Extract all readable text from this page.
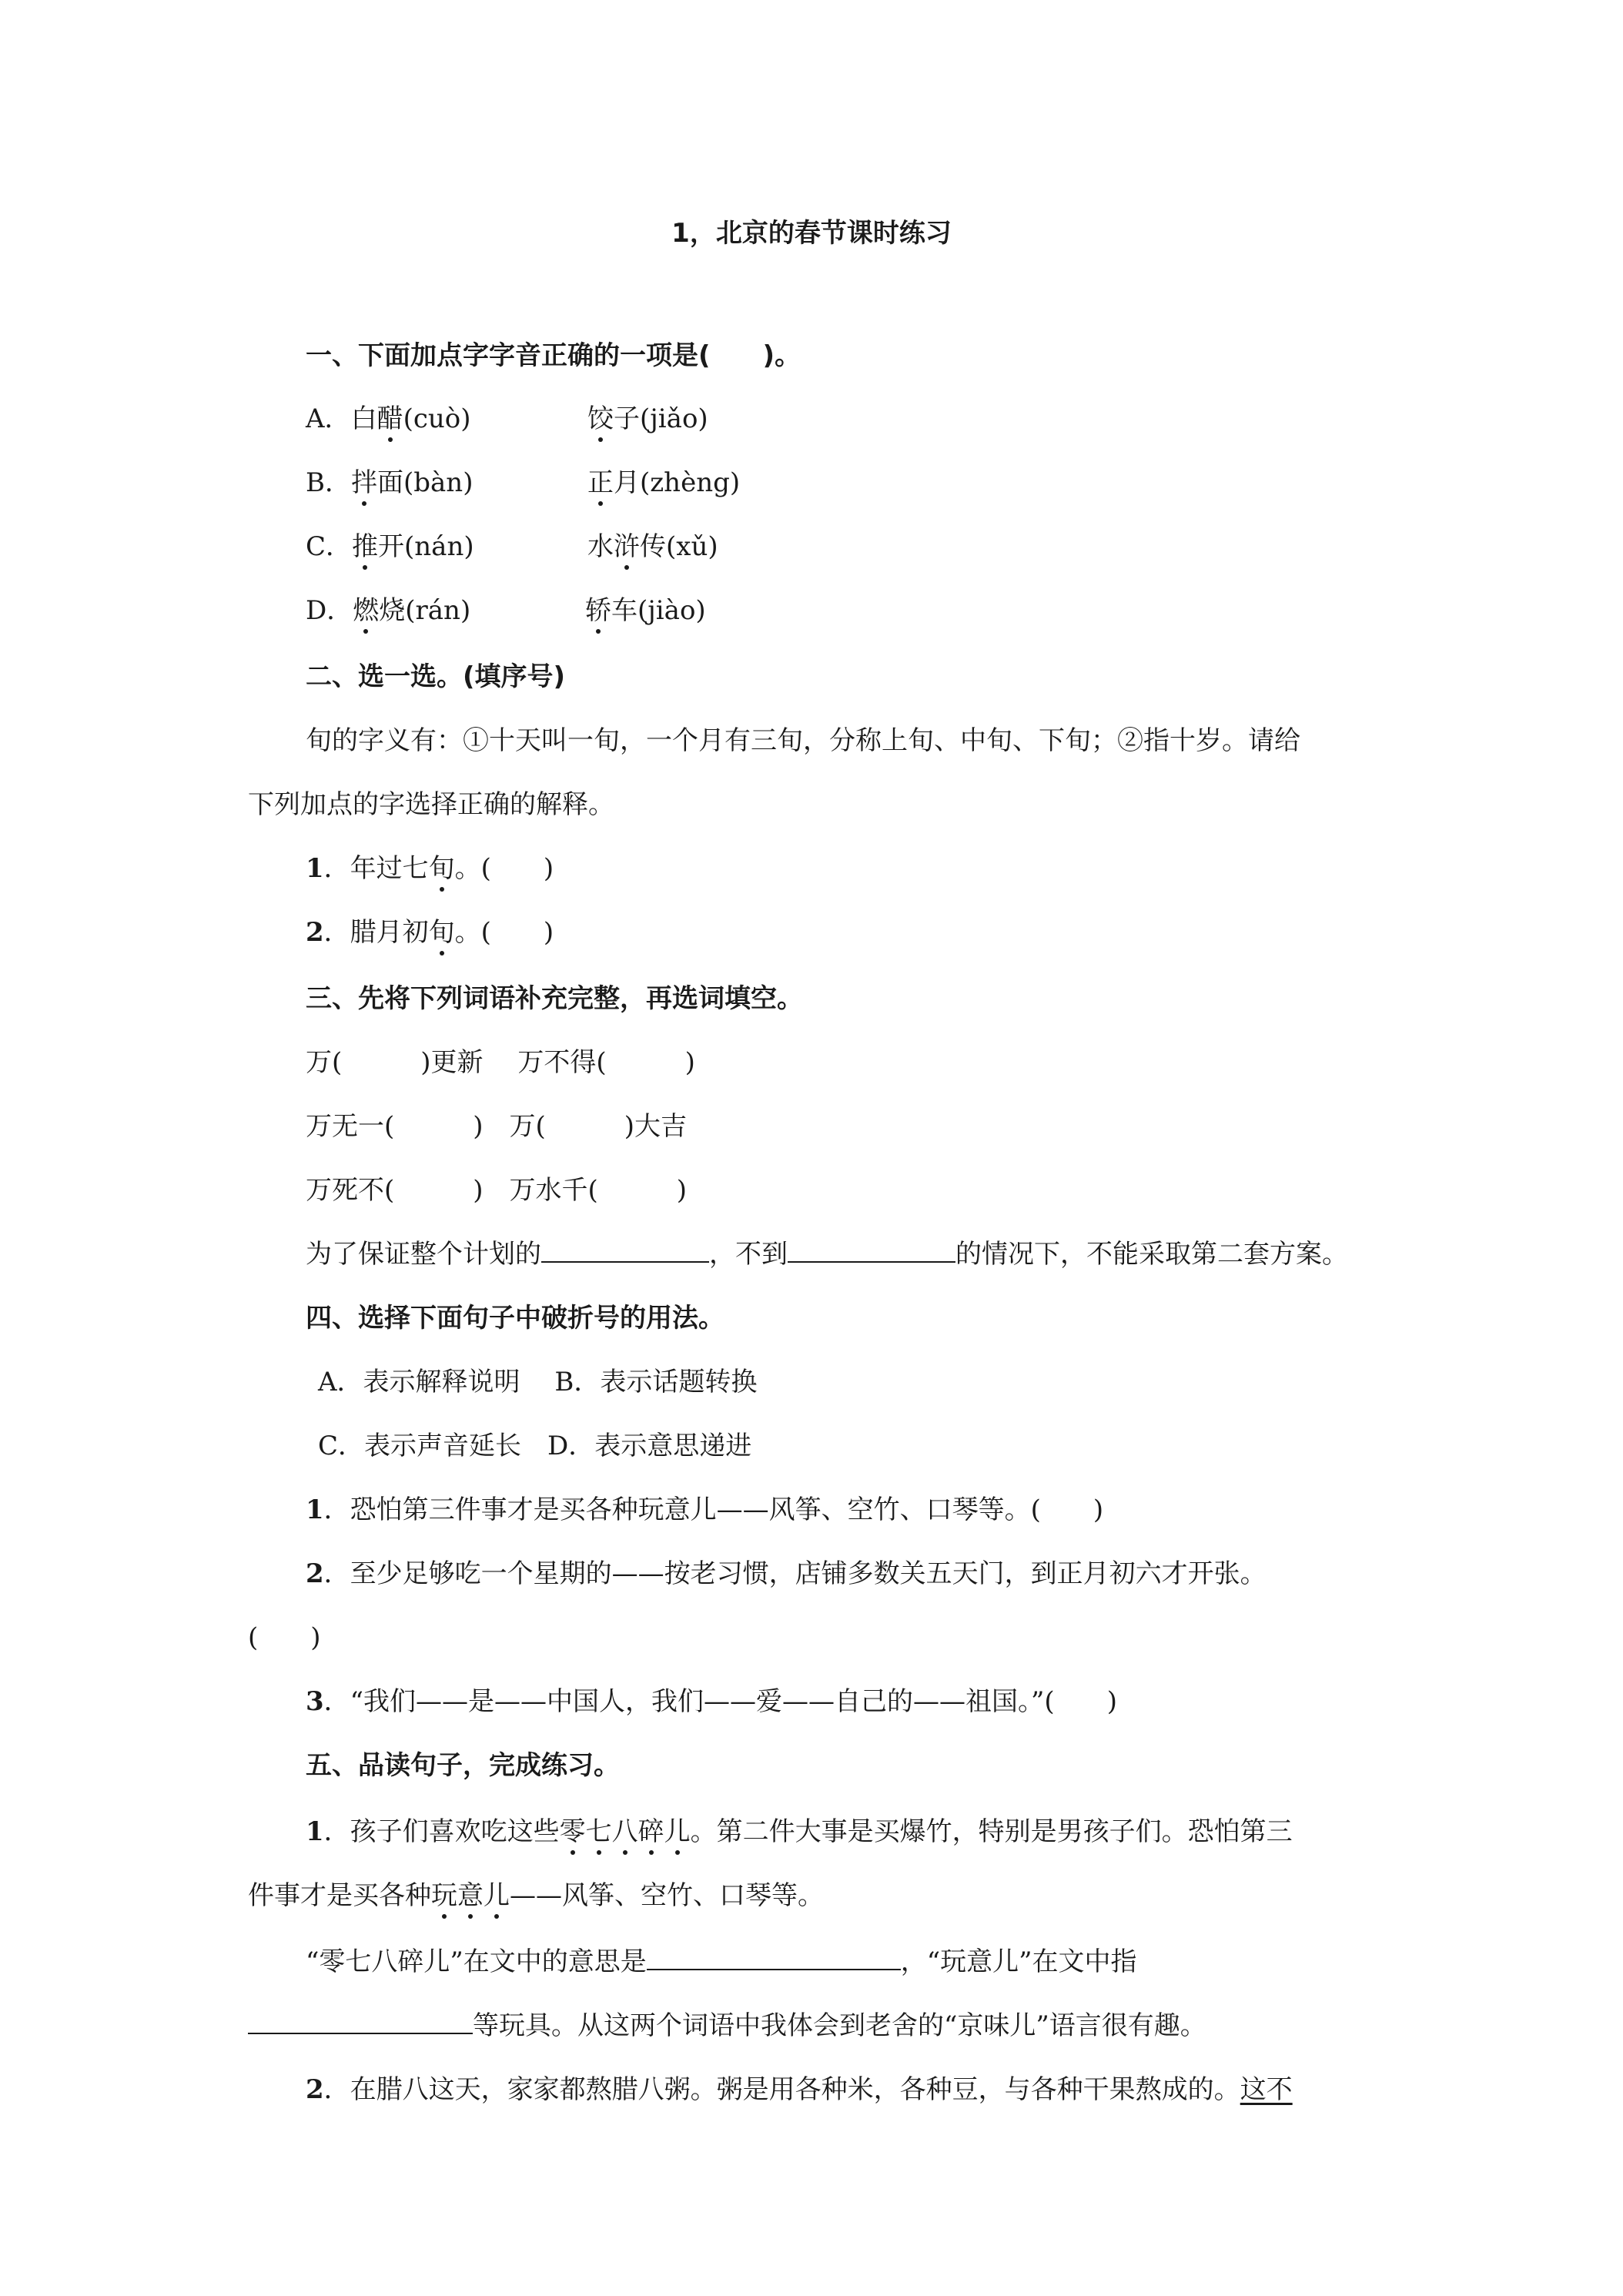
1，北京的春节课时练习
一、下面加点字字音正确的一项是(　　)。
A．白醋(cuò)	饺子(jiǎo)
B．拌面(bàn)	正月(zhèng)
C．推开(nán)	水浒传(xǔ)
D．燃烧(rán)	轿车(jiào)
二、选一选。(填序号)
旬的字义有：①十天叫一旬，一个月有三旬，分称上旬、中旬、下旬；②指十岁。请给
下列加点的字选择正确的解释。
1．年过七旬。(　　)
2．腊月初旬。(　　)
三、先将下列词语补充完整，再选词填空。
万(　　　)更新　 万不得(　　　)
万无一(　　　)　万(　　　)大吉
万死不(　　　)　万水千(　　　)
为了保证整个计划的	，不到	的情况下，不能采取第二套方案。
四、选择下面句子中破折号的用法。
A．表示解释说明　 B．表示话题转换
C．表示声音延长　D．表示意思递进
1．恐怕第三件事才是买各种玩意儿——风筝、空竹、口琴等。(　　)
2．至少足够吃一个星期的——按老习惯，店铺多数关五天门，到正月初六才开张。
(　　)
3．“我们——是——中国人，我们——爱——自己的——祖国。”(　　)
五、品读句子，完成练习。
1．孩子们喜欢吃这些零七八碎儿。第二件大事是买爆竹，特别是男孩子们。恐怕第三
件事才是买各种玩意儿——风筝、空竹、口琴等。
“零七八碎儿”在文中的意思是	，“玩意儿”在文中指
等玩具。从这两个词语中我体会到老舍的“京味儿”语言很有趣。
2．在腊八这天，家家都熬腊八粥。粥是用各种米，各种豆，与各种干果熬成的。这不
